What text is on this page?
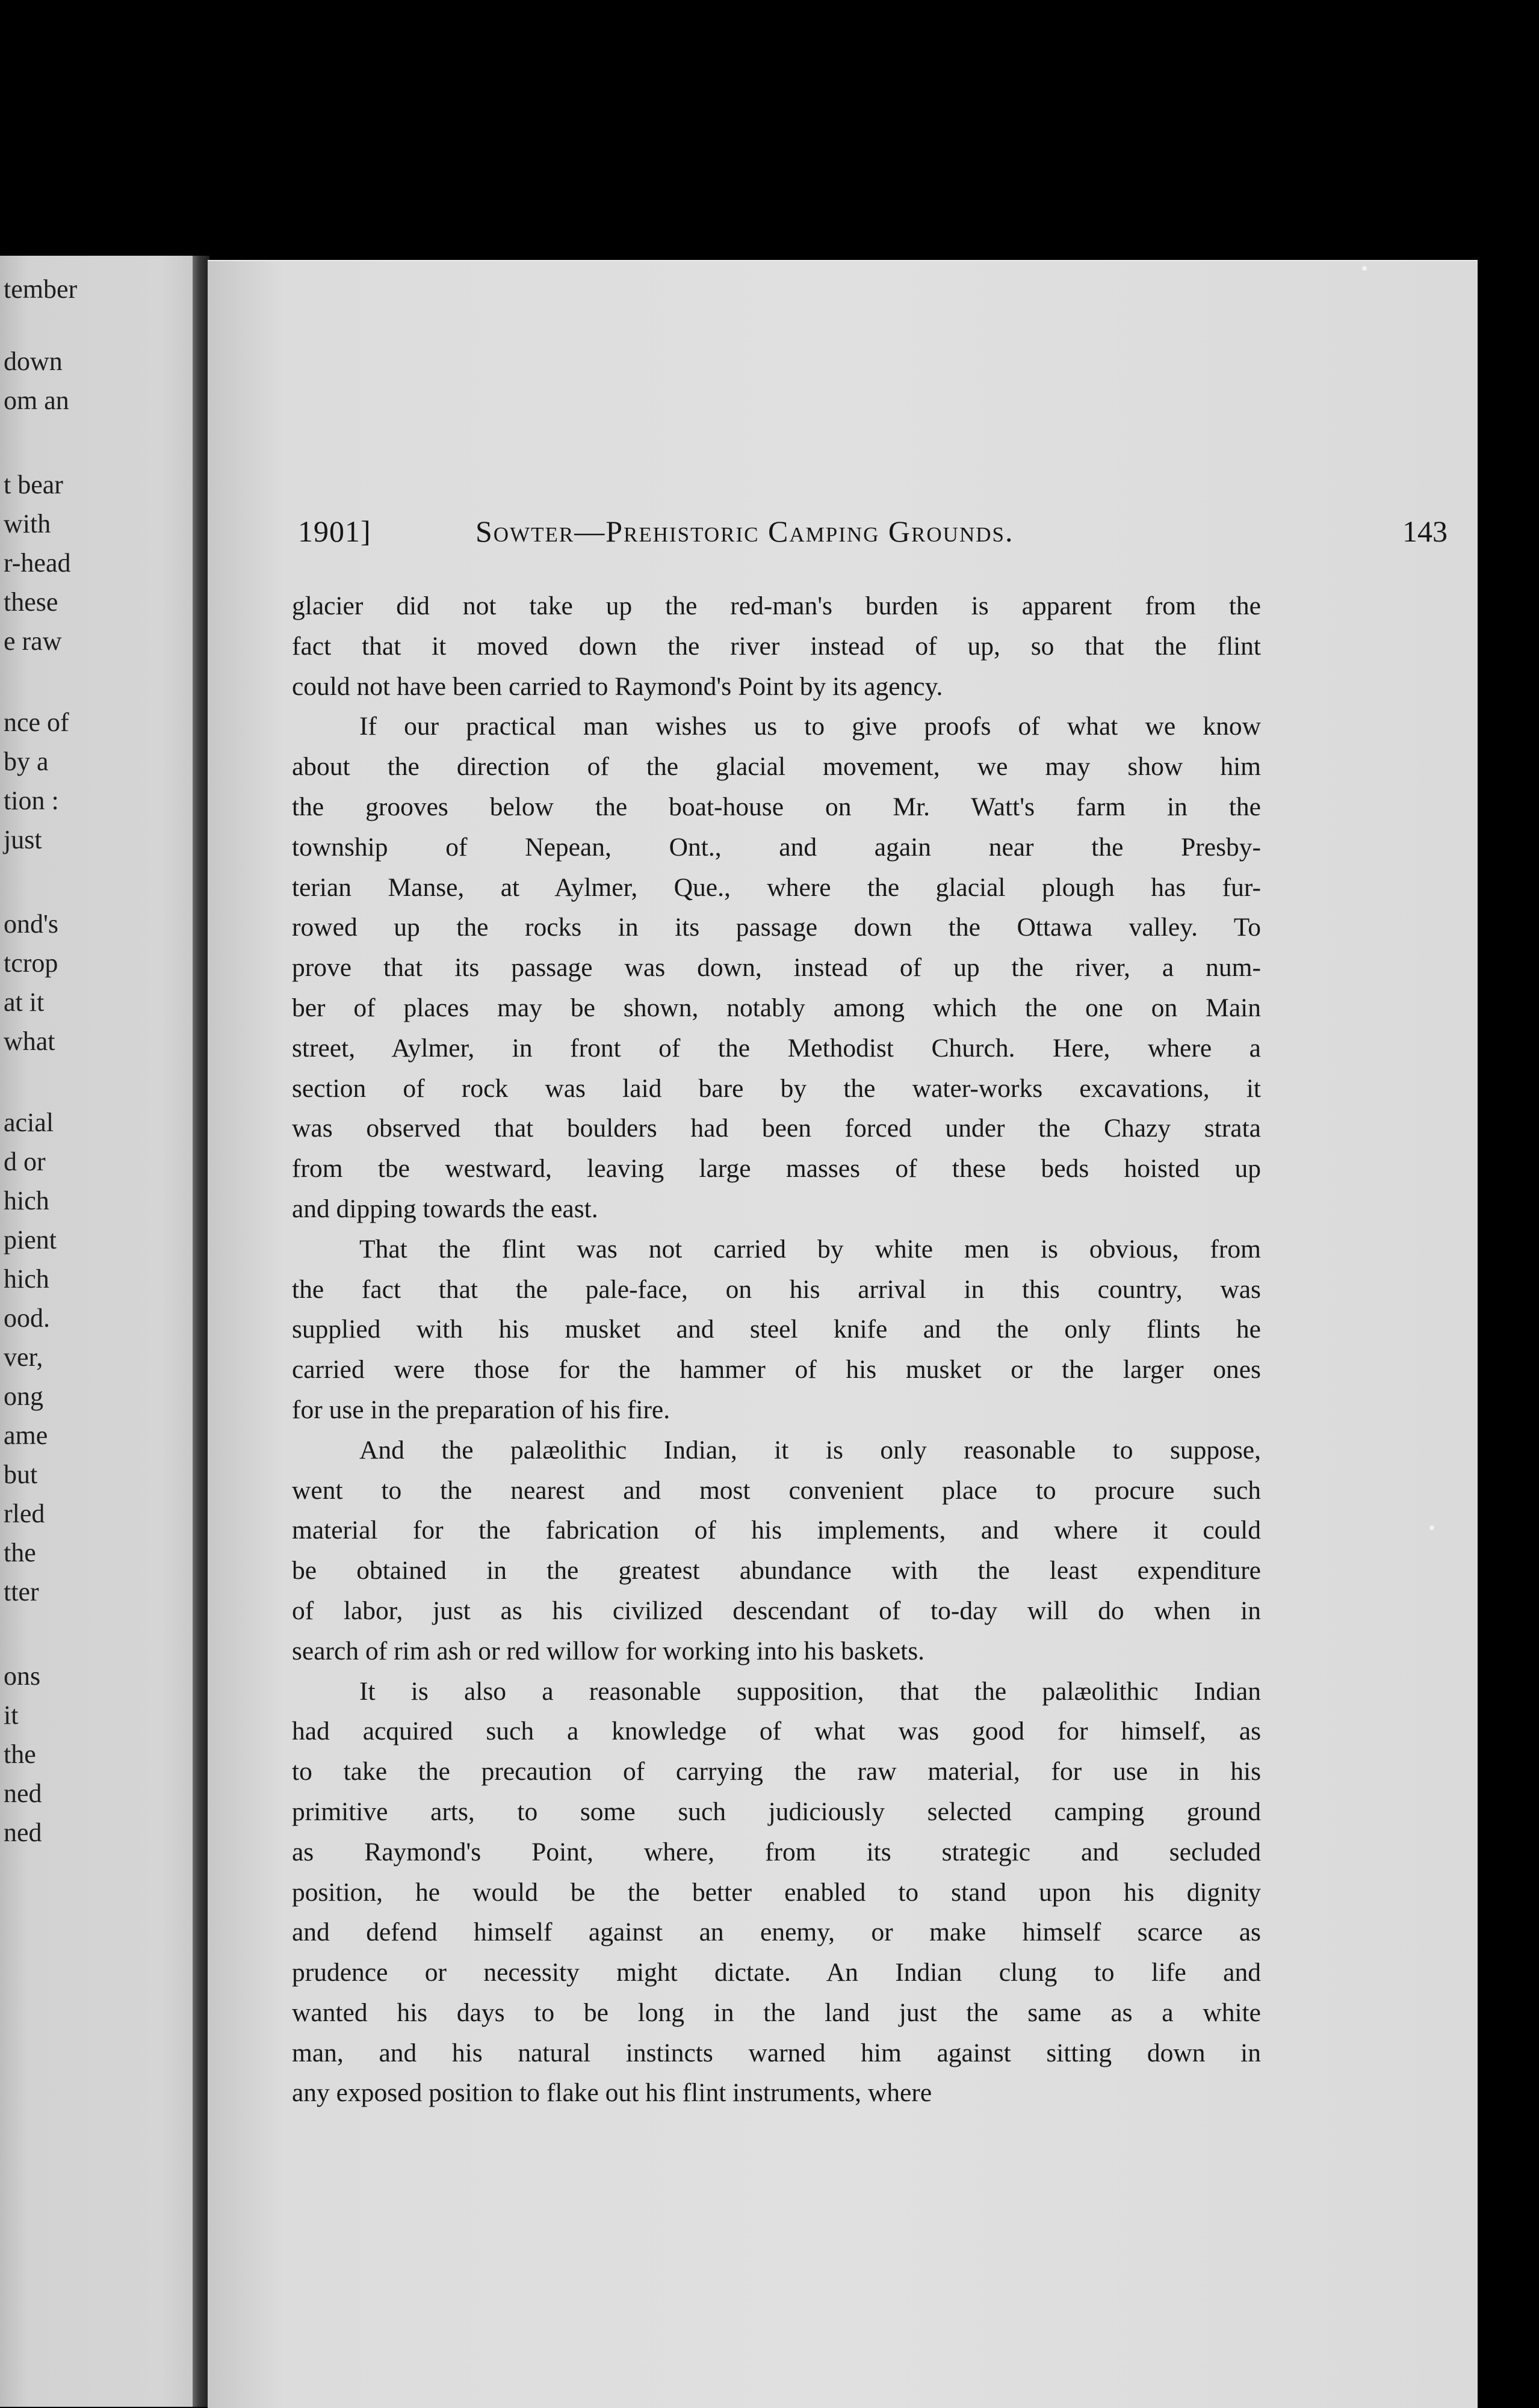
tember
down
om an
t bear
with
r-head
these
e raw
nce of
by a
tion :
just
ond's
tcrop
at it
what
acial
d or
hich
pient
hich
ood.
ver,
ong
ame
but
rled
the
tter
ons
it
the
ned
ned
1901]	Sowter—Prehistoric Camping Grounds.	143
glacier did not take up the red-man's burden is apparent from the
fact that it moved down the river instead of up, so that the flint
could not have been carried to Raymond's Point by its agency.
If our practical man wishes us to give proofs of what we know
about the direction of the glacial movement, we may show him
the grooves below the boat-house on Mr. Watt's farm in the
township of Nepean, Ont., and again near the Presby-
terian Manse, at Aylmer, Que., where the glacial plough has fur-
rowed up the rocks in its passage down the Ottawa valley. To
prove that its passage was down, instead of up the river, a num-
ber of places may be shown, notably among which the one on Main
street, Aylmer, in front of the Methodist Church. Here, where a
section of rock was laid bare by the water-works excavations, it
was observed that boulders had been forced under the Chazy strata
from tbe westward, leaving large masses of these beds hoisted up
and dipping towards the east.
That the flint was not carried by white men is obvious, from
the fact that the pale-face, on his arrival in this country, was
supplied with his musket and steel knife and the only flints he
carried were those for the hammer of his musket or the larger ones
for use in the preparation of his fire.
And the palæolithic Indian, it is only reasonable to suppose,
went to the nearest and most convenient place to procure such
material for the fabrication of his implements, and where it could
be obtained in the greatest abundance with the least expenditure
of labor, just as his civilized descendant of to-day will do when in
search of rim ash or red willow for working into his baskets.
It is also a reasonable supposition, that the palæolithic Indian
had acquired such a knowledge of what was good for himself, as
to take the precaution of carrying the raw material, for use in his
primitive arts, to some such judiciously selected camping ground
as Raymond's Point, where, from its strategic and secluded
position, he would be the better enabled to stand upon his dignity
and defend himself against an enemy, or make himself scarce as
prudence or necessity might dictate. An Indian clung to life and
wanted his days to be long in the land just the same as a white
man, and his natural instincts warned him against sitting down in
any exposed position to flake out his flint instruments, where
